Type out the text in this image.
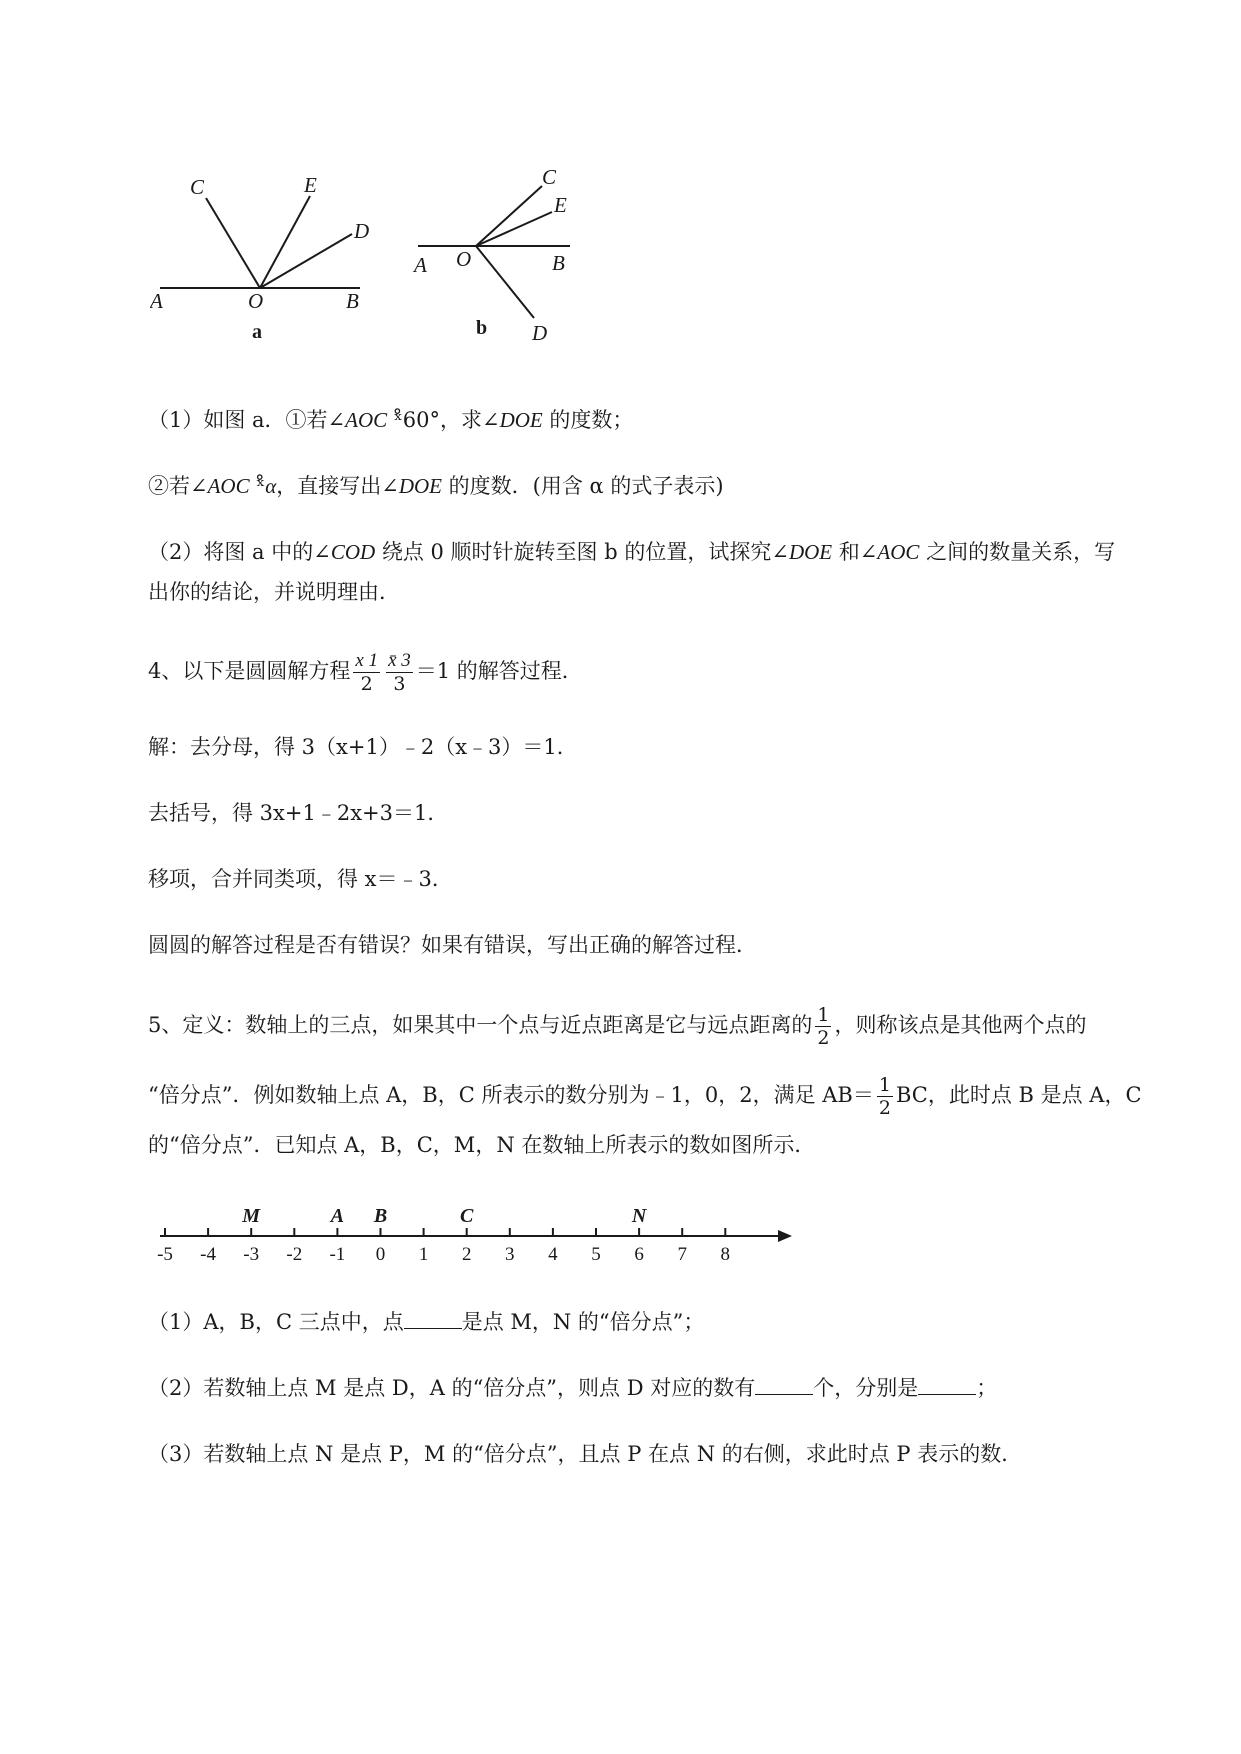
C	E
D
A	O	B
a
C
E
A O	B
D
b
（1）如图 a．①若∠AOC ˣ̊60°，求∠DOE 的度数；
②若∠AOC ˣ̊α，直接写出∠DOE 的度数．(用含 α 的式子表示)
（2）将图 a 中的∠COD 绕点 0 顺时针旋转至图 b 的位置，试探究∠DOE 和∠AOC 之间的数量关系，写
出你的结论，并说明理由．
4、以下是圆圆解方程 $\frac{x 1}{2} \frac{x̄ 3}{3} =1$ 的解答过程．
解：去分母，得 3（x+1）﹣2（x﹣3）＝1．
去括号，得 3x+1﹣2x+3＝1．
移项，合并同类项，得 x＝﹣3．
圆圆的解答过程是否有错误？如果有错误，写出正确的解答过程．
5、定义：数轴上的三点，如果其中一个点与近点距离是它与远点距离的 $\frac{1}{2}$ ，则称该点是其他两个点的
“倍分点”．例如数轴上点 A，B，C 所表示的数分别为﹣1，0，2，满足 $AB= \frac{1}{2}$ BC，此时点 B 是点 A，C
的“倍分点”．已知点 A，B，C，M，N 在数轴上所表示的数如图所示．
-5 -4 -3 -2 -1 0 1 2 3 4 5 6 7 8
M	A B	C	N
（1）A，B，C 三点中，点	是点 M，N 的“倍分点”；
（2）若数轴上点 M 是点 D，A 的“倍分点”，则点 D 对应的数有	个，分别是	；
（3）若数轴上点 N 是点 P，M 的“倍分点”，且点 P 在点 N 的右侧，求此时点 P 表示的数．
